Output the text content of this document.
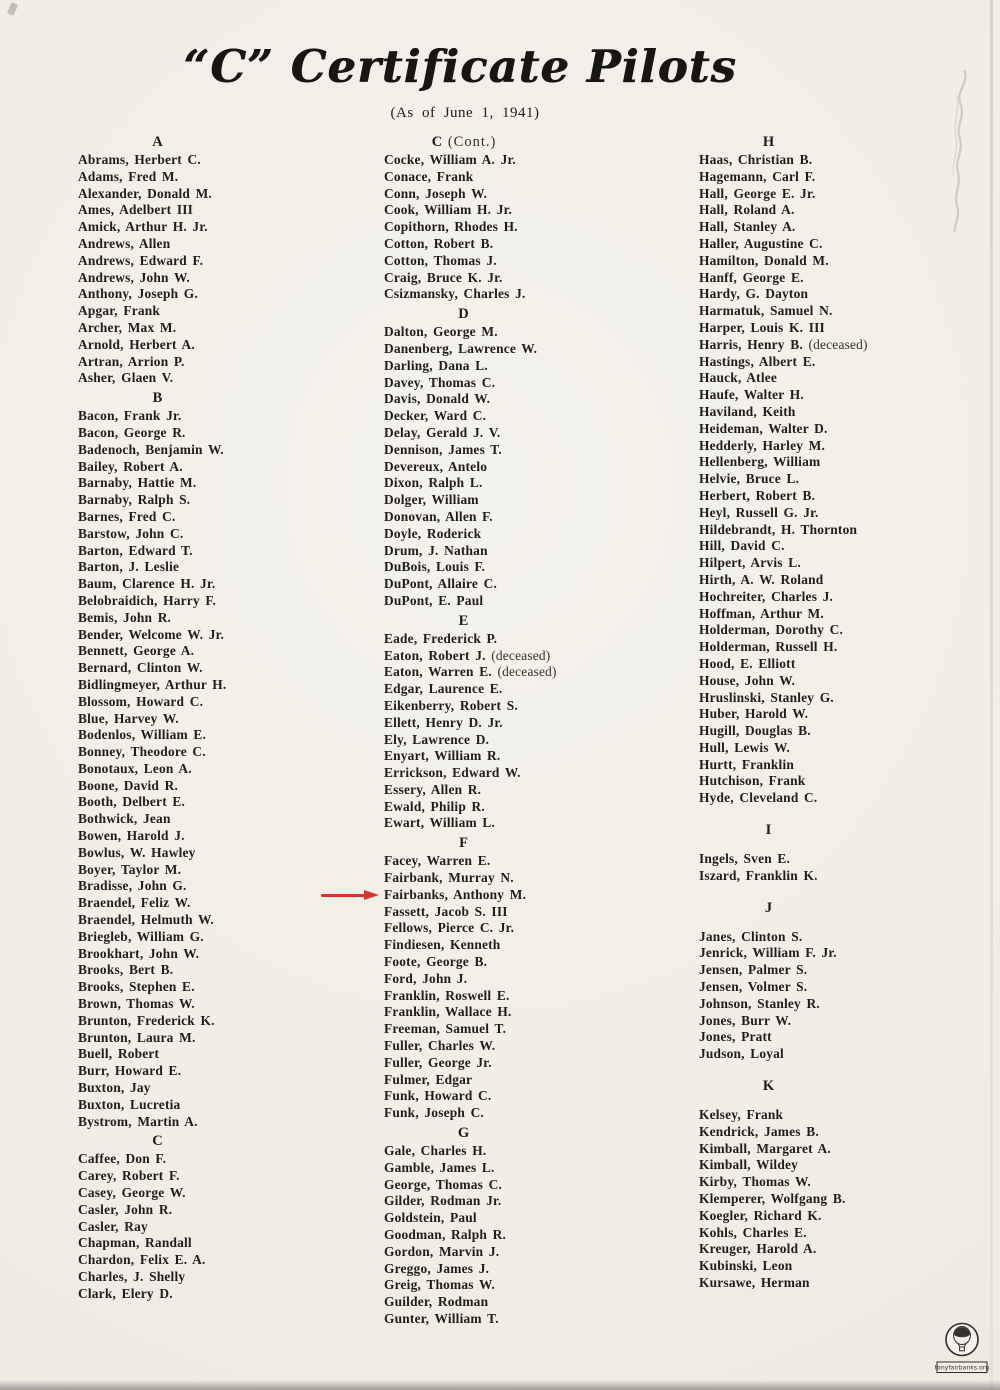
“C” Certificate Pilots
(As of June 1, 1941)
A
Abrams, Herbert C.
Adams, Fred M.
Alexander, Donald M.
Ames, Adelbert III
Amick, Arthur H. Jr.
Andrews, Allen
Andrews, Edward F.
Andrews, John W.
Anthony, Joseph G.
Apgar, Frank
Archer, Max M.
Arnold, Herbert A.
Artran, Arrion P.
Asher, Glaen V.
B
Bacon, Frank Jr.
Bacon, George R.
Badenoch, Benjamin W.
Bailey, Robert A.
Barnaby, Hattie M.
Barnaby, Ralph S.
Barnes, Fred C.
Barstow, John C.
Barton, Edward T.
Barton, J. Leslie
Baum, Clarence H. Jr.
Belobraidich, Harry F.
Bemis, John R.
Bender, Welcome W. Jr.
Bennett, George A.
Bernard, Clinton W.
Bidlingmeyer, Arthur H.
Blossom, Howard C.
Blue, Harvey W.
Bodenlos, William E.
Bonney, Theodore C.
Bonotaux, Leon A.
Boone, David R.
Booth, Delbert E.
Bothwick, Jean
Bowen, Harold J.
Bowlus, W. Hawley
Boyer, Taylor M.
Bradisse, John G.
Braendel, Feliz W.
Braendel, Helmuth W.
Briegleb, William G.
Brookhart, John W.
Brooks, Bert B.
Brooks, Stephen E.
Brown, Thomas W.
Brunton, Frederick K.
Brunton, Laura M.
Buell, Robert
Burr, Howard E.
Buxton, Jay
Buxton, Lucretia
Bystrom, Martin A.
C
Caffee, Don F.
Carey, Robert F.
Casey, George W.
Casler, John R.
Casler, Ray
Chapman, Randall
Chardon, Felix E. A.
Charles, J. Shelly
Clark, Elery D.
C (Cont.)
Cocke, William A. Jr.
Conace, Frank
Conn, Joseph W.
Cook, William H. Jr.
Copithorn, Rhodes H.
Cotton, Robert B.
Cotton, Thomas J.
Craig, Bruce K. Jr.
Csizmansky, Charles J.
D
Dalton, George M.
Danenberg, Lawrence W.
Darling, Dana L.
Davey, Thomas C.
Davis, Donald W.
Decker, Ward C.
Delay, Gerald J. V.
Dennison, James T.
Devereux, Antelo
Dixon, Ralph L.
Dolger, William
Donovan, Allen F.
Doyle, Roderick
Drum, J. Nathan
DuBois, Louis F.
DuPont, Allaire C.
DuPont, E. Paul
E
Eade, Frederick P.
Eaton, Robert J. (deceased)
Eaton, Warren E. (deceased)
Edgar, Laurence E.
Eikenberry, Robert S.
Ellett, Henry D. Jr.
Ely, Lawrence D.
Enyart, William R.
Errickson, Edward W.
Essery, Allen R.
Ewald, Philip R.
Ewart, William L.
F
Facey, Warren E.
Fairbank, Murray N.
Fairbanks, Anthony M.
Fassett, Jacob S. III
Fellows, Pierce C. Jr.
Findiesen, Kenneth
Foote, George B.
Ford, John J.
Franklin, Roswell E.
Franklin, Wallace H.
Freeman, Samuel T.
Fuller, Charles W.
Fuller, George Jr.
Fulmer, Edgar
Funk, Howard C.
Funk, Joseph C.
G
Gale, Charles H.
Gamble, James L.
George, Thomas C.
Gilder, Rodman Jr.
Goldstein, Paul
Goodman, Ralph R.
Gordon, Marvin J.
Greggo, James J.
Greig, Thomas W.
Guilder, Rodman
Gunter, William T.
H
Haas, Christian B.
Hagemann, Carl F.
Hall, George E. Jr.
Hall, Roland A.
Hall, Stanley A.
Haller, Augustine C.
Hamilton, Donald M.
Hanff, George E.
Hardy, G. Dayton
Harmatuk, Samuel N.
Harper, Louis K. III
Harris, Henry B. (deceased)
Hastings, Albert E.
Hauck, Atlee
Haufe, Walter H.
Haviland, Keith
Heideman, Walter D.
Hedderly, Harley M.
Hellenberg, William
Helvie, Bruce L.
Herbert, Robert B.
Heyl, Russell G. Jr.
Hildebrandt, H. Thornton
Hill, David C.
Hilpert, Arvis L.
Hirth, A. W. Roland
Hochreiter, Charles J.
Hoffman, Arthur M.
Holderman, Dorothy C.
Holderman, Russell H.
Hood, E. Elliott
House, John W.
Hruslinski, Stanley G.
Huber, Harold W.
Hugill, Douglas B.
Hull, Lewis W.
Hurtt, Franklin
Hutchison, Frank
Hyde, Cleveland C.
I
Ingels, Sven E.
Iszard, Franklin K.
J
Janes, Clinton S.
Jenrick, William F. Jr.
Jensen, Palmer S.
Jensen, Volmer S.
Johnson, Stanley R.
Jones, Burr W.
Jones, Pratt
Judson, Loyal
K
Kelsey, Frank
Kendrick, James B.
Kimball, Margaret A.
Kimball, Wildey
Kirby, Thomas W.
Klemperer, Wolfgang B.
Koegler, Richard K.
Kohls, Charles E.
Kreuger, Harold A.
Kubinski, Leon
Kursawe, Herman
tonyfairbanks.org
